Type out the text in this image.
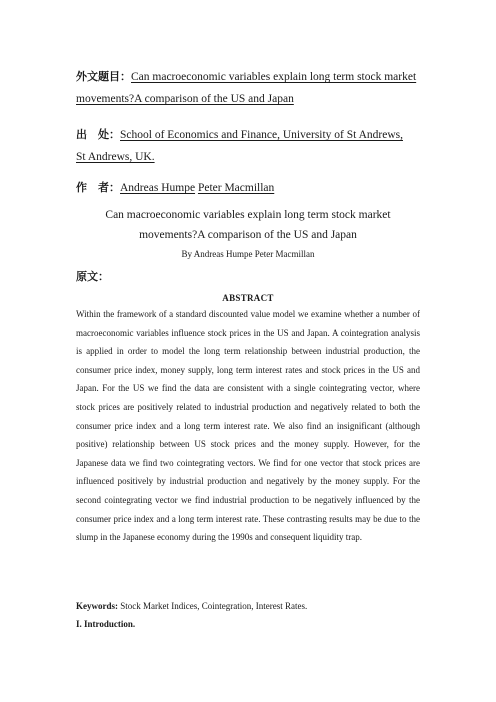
外文题目：Can macroeconomic variables explain long term stock market
movements?A comparison of the US and Japan
出　处：School of Economics and Finance, University of St Andrews,
St Andrews, UK.
作　者：Andreas Humpe Peter Macmillan
Can macroeconomic variables explain long term stock market
movements?A comparison of the US and Japan
By Andreas Humpe Peter Macmillan
原文：
ABSTRACT

Within the framework of a standard discounted value model we examine whether a number of macroeconomic variables influence stock prices in the US and Japan. A cointegration analysis is applied in order to model the long term relationship between industrial production, the consumer price index, money supply, long term interest rates and stock prices in the US and Japan. For the US we find the data are consistent with a single cointegrating vector, where stock prices are positively related to industrial production and negatively related to both the consumer price index and a long term interest rate. We also find an insignificant (although positive) relationship between US stock prices and the money supply. However, for the Japanese data we find two cointegrating vectors. We find for one vector that stock prices are influenced positively by industrial production and negatively by the money supply. For the second cointegrating vector we find industrial production to be negatively influenced by the consumer price index and a long term interest rate. These contrasting results may be due to the slump in the Japanese economy during the 1990s and consequent liquidity trap.

Keywords: Stock Market Indices, Cointegration, Interest Rates.
I. Introduction.
